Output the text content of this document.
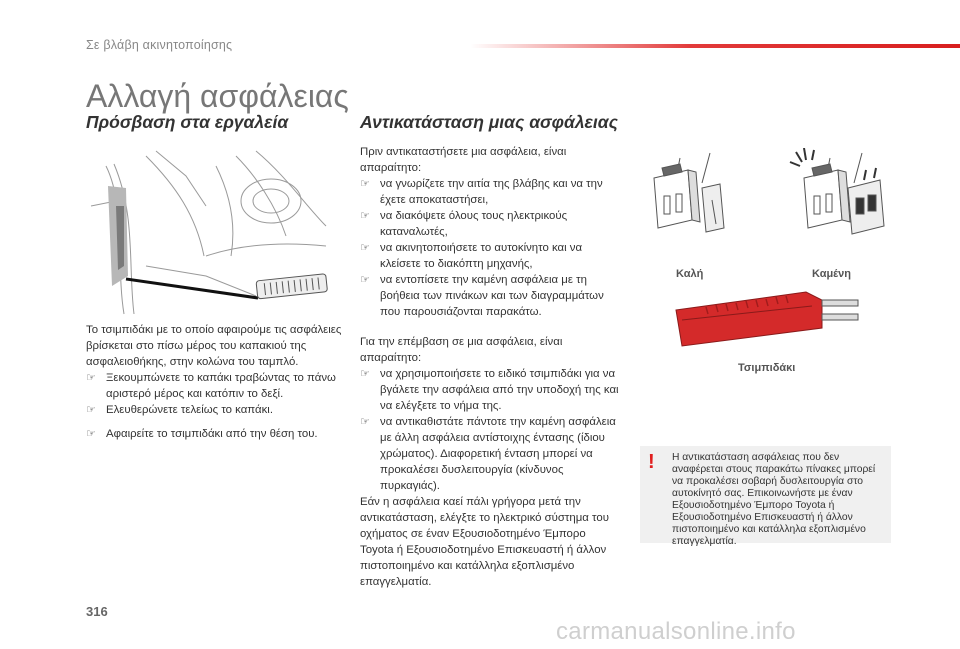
Σε βλάβη ακινητοποίησης
Αλλαγή ασφάλειας
Πρόσβαση στα εργαλεία

Το τσιμπιδάκι με το οποίο αφαιρούμε τις ασφάλειες βρίσκεται στο πίσω μέρος του καπακιού της ασφαλειοθήκης, στην κολώνα του ταμπλό.

☞ Ξεκουμπώνετε το καπάκι τραβώντας το πάνω αριστερό μέρος και κατόπιν το δεξί.

☞ Ελευθερώνετε τελείως το καπάκι.

☞ Αφαιρείτε το τσιμπιδάκι από την θέση του.

Αντικατάσταση μιας ασφάλειας

Πριν αντικαταστήσετε μια ασφάλεια, είναι απαραίτητο:

☞ να γνωρίζετε την αιτία της βλάβης και να την έχετε αποκαταστήσει,

☞ να διακόψετε όλους τους ηλεκτρικούς καταναλωτές,

☞ να ακινητοποιήσετε το αυτοκίνητο και να κλείσετε το διακόπτη μηχανής,

☞ να εντοπίσετε την καμένη ασφάλεια με τη βοήθεια των πινάκων και των διαγραμμάτων που παρουσιάζονται παρακάτω.

Για την επέμβαση σε μια ασφάλεια, είναι απαραίτητο:

☞ να χρησιμοποιήσετε το ειδικό τσιμπιδάκι για να βγάλετε την ασφάλεια από την υποδοχή της και να ελέγξετε το νήμα της.

☞ να αντικαθιστάτε πάντοτε την καμένη ασφάλεια με άλλη ασφάλεια αντίστοιχης έντασης (ίδιου χρώματος). Διαφορετική ένταση μπορεί να προκαλέσει δυσλειτουργία (κίνδυνος πυρκαγιάς).

Εάν η ασφάλεια καεί πάλι γρήγορα μετά την αντικατάσταση, ελέγξτε το ηλεκτρικό σύστημα του οχήματος σε έναν Εξουσιοδοτημένο Έμπορο Toyota ή Εξουσιοδοτημένο Επισκευαστή ή άλλον πιστοποιημένο και κατάλληλα εξοπλισμένο επαγγελματία.

Καλή	Καμένη
Τσιμπιδάκι
! Η αντικατάσταση ασφάλειας που δεν αναφέρεται στους παρακάτω πίνακες μπορεί να προκαλέσει σοβαρή δυσλειτουργία στο αυτοκίνητό σας. Επικοινωνήστε με έναν Εξουσιοδοτημένο Έμπορο Toyota ή Εξουσιοδοτημένο Επισκευαστή ή άλλον πιστοποιημένο και κατάλληλα εξοπλισμένο επαγγελματία.
316
carmanualsonline.info
